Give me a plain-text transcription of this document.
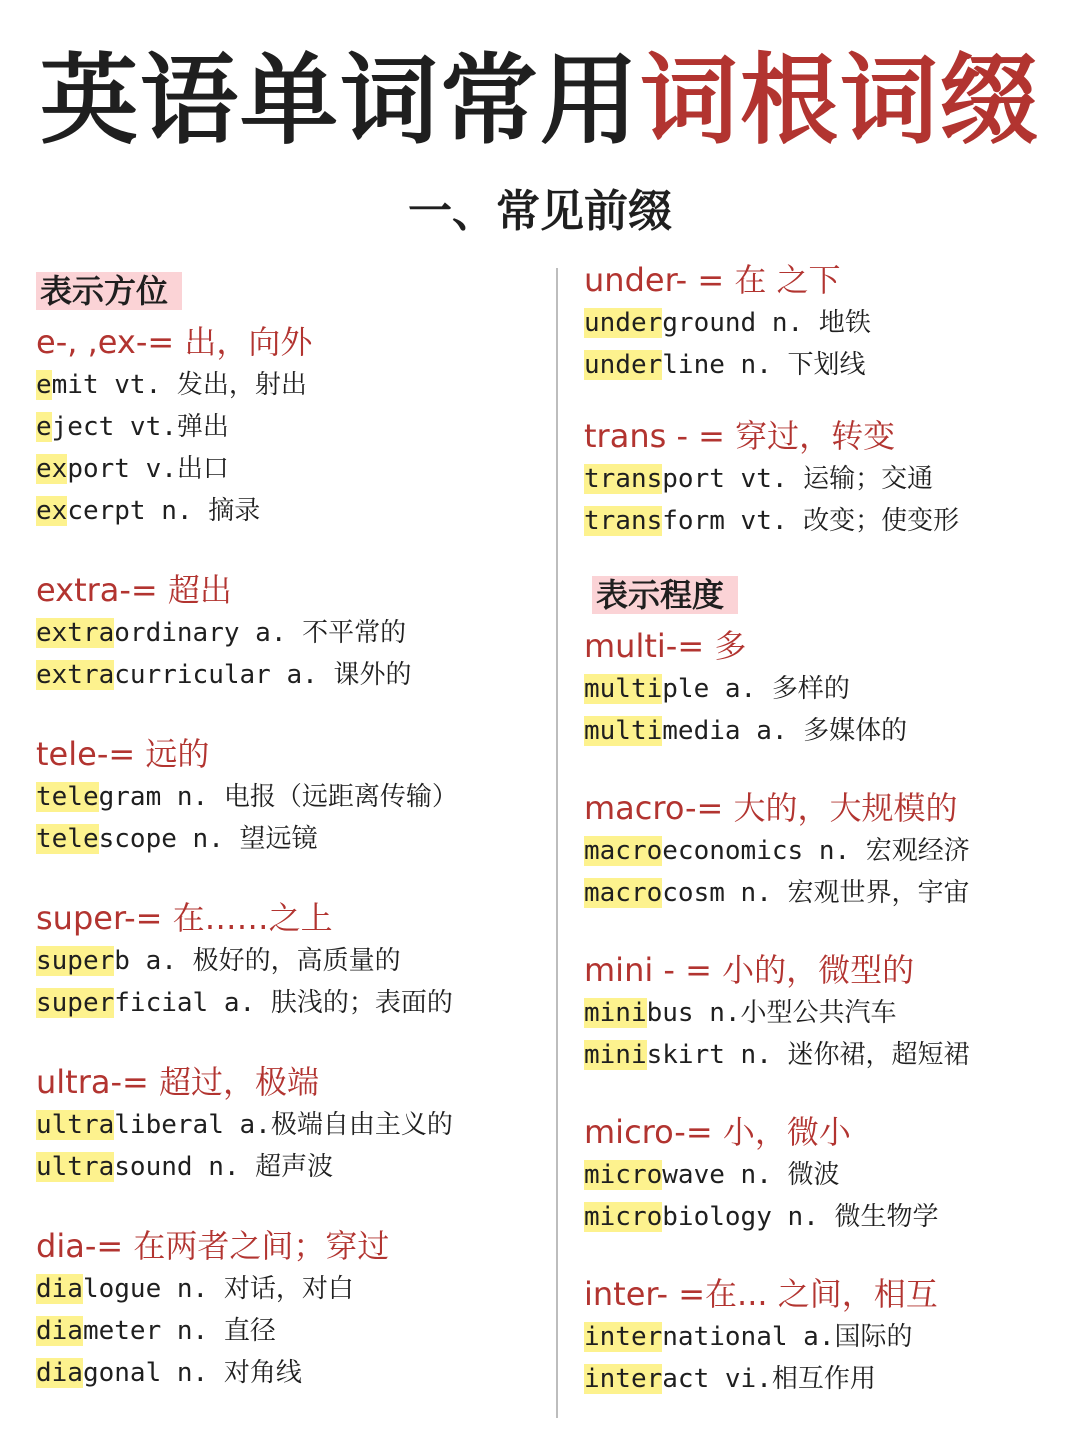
英语单词常用词根词缀
一、常见前缀
表示方位
e-, ,ex-= 出，向外
emit vt. 发出，射出
eject vt.弹出
export v.出口
excerpt n. 摘录
extra-= 超出
extraordinary a. 不平常的
extracurricular a. 课外的
tele-= 远的
telegram n. 电报（远距离传输）
telescope n. 望远镜
super-= 在……之上
superb a. 极好的，高质量的
superficial a. 肤浅的；表面的
ultra-= 超过，极端
ultraliberal a.极端自由主义的
ultrasound n. 超声波
dia-= 在两者之间；穿过
dialogue n. 对话，对白
diameter n. 直径
diagonal n. 对角线
under- = 在 之下
underground n. 地铁
underline n. 下划线
trans - = 穿过，转变
transport vt. 运输；交通
transform vt. 改变；使变形
表示程度
multi-= 多
multiple a. 多样的
multimedia a. 多媒体的
macro-= 大的，大规模的
macroeconomics n. 宏观经济
macrocosm n. 宏观世界，宇宙
mini - = 小的，微型的
minibus n.小型公共汽车
miniskirt n. 迷你裙，超短裙
micro-= 小，微小
microwave n. 微波
microbiology n. 微生物学
inter- =在... 之间，相互
international a.国际的
interact vi.相互作用
